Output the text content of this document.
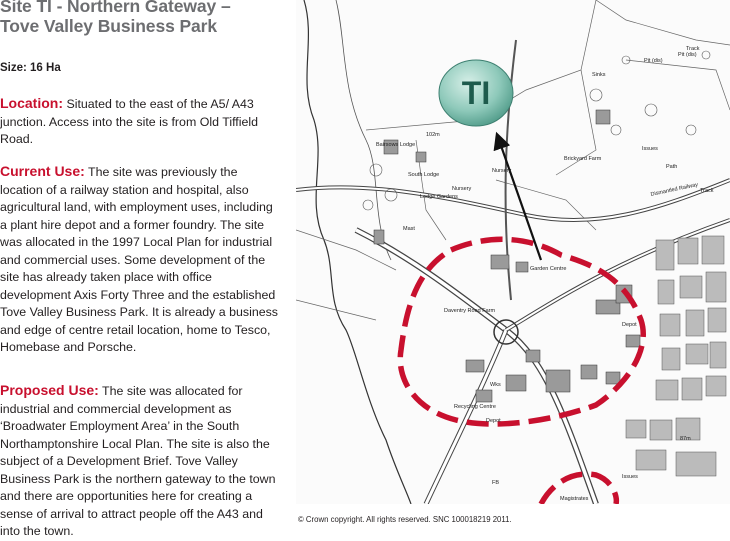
Site TI - Northern Gateway –
Tove Valley Business Park

Size: 16 Ha

Location: Situated to the east of the A5/ A43 junction. Access into the site is from Old Tiffield Road.

Current Use: The site was previously the location of a railway station and hospital, also agricultural land, with employment uses, including a plant hire depot and a former foundry. The site was allocated in the 1997 Local Plan for industrial and commercial uses. Some development of the site has already taken place with office development Axis Forty Three and the established Tove Valley Business Park. It is already a business and edge of centre retail location, home to Tesco, Homebase and Porsche.

Proposed Use: The site was allocated for industrial and commercial development as ‘Broadwater Employment Area’ in the South Northamptonshire Local Plan. The site is also the subject of a Development Brief. Tove Valley Business Park is the northern gateway to the town and there are opportunities here for creating a sense of arrival to attract people off the A43 and into the town.

TI	Sinks
Pit (dis)
Pit (dis)
Track
Bairsows Lodge
South Lodge
Lodge Gardens
Nursery
Nursery
Mast
102m
Brickyard Farm
Issues
Path
Track
Dismantled Railway
Garden Centre
Daventry Road Farm
Depot
Wks
Recycling Centre
Depot
87m
Issues
FB
Magistrates

© Crown copyright. All rights reserved. SNC 100018219 2011.
